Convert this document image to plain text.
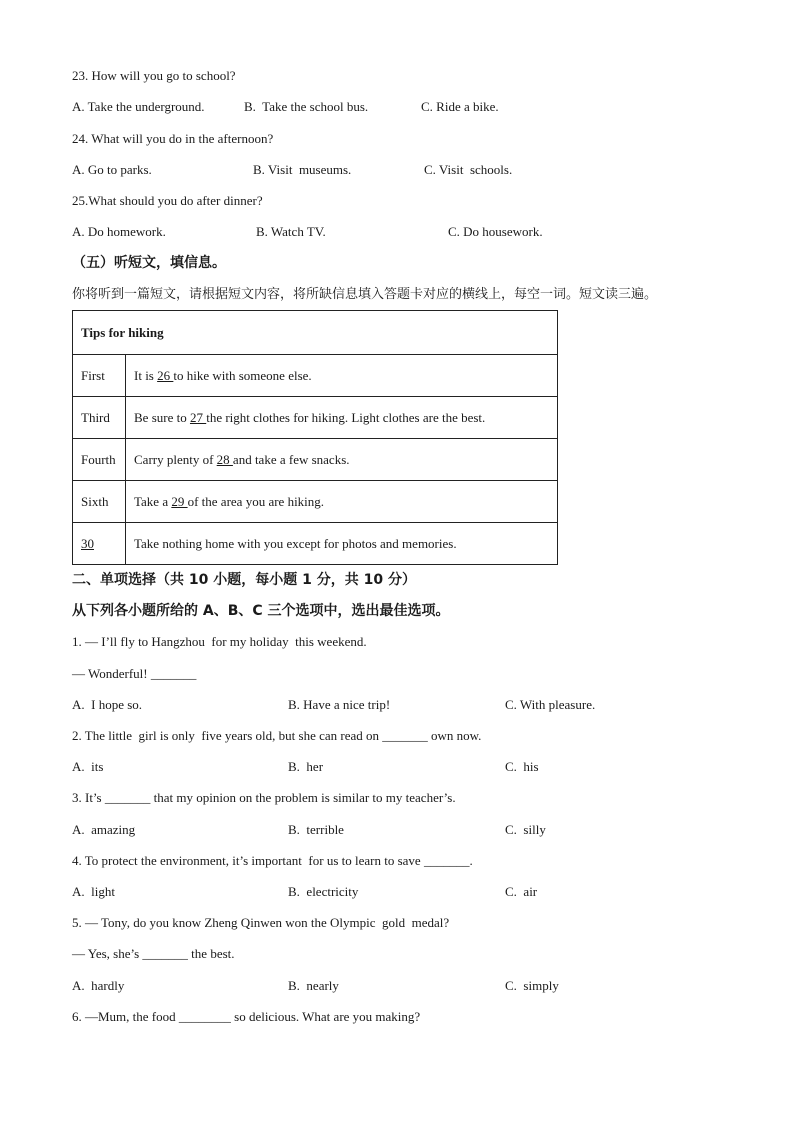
23. How will you go to school?
A. Take the underground.	B.  Take the school bus.	C. Ride a bike.
24. What will you do in the afternoon?
A. Go to parks.	B. Visit  museums.	C. Visit  schools.
25.What should you do after dinner?
A. Do homework.	B. Watch TV.	C. Do housework.
（五）听短文，填信息。
你将听到一篇短文，请根据短文内容，将所缺信息填入答题卡对应的横线上，每空一词。短文读三遍。
Tips for hiking	
First	It is 26 to hike with someone else.
Third	Be sure to 27 the right clothes for hiking. Light clothes are the best.
Fourth	Carry plenty of 28 and take a few snacks.
Sixth	Take a 29 of the area you are hiking.
30	Take nothing home with you except for photos and memories.
二、单项选择（共 10 小题，每小题 1 分，共 10 分）
从下列各小题所给的 A、B、C 三个选项中，选出最佳选项。
1. — I’ll fly to Hangzhou  for my holiday  this weekend.
— Wonderful! _______
A.  I hope so.	B. Have a nice trip!	C. With pleasure.
2. The little  girl is only  five years old, but she can read on _______ own now.
A.  its	B.  her	C.  his
3. It’s _______ that my opinion on the problem is similar to my teacher’s.
A.  amazing	B.  terrible	C.  silly
4. To protect the environment, it’s important  for us to learn to save _______.
A.  light	B.  electricity	C.  air
5. — Tony, do you know Zheng Qinwen won the Olympic  gold  medal?
— Yes, she’s _______ the best.
A.  hardly	B.  nearly	C.  simply
6. —Mum, the food ________ so delicious. What are you making?
